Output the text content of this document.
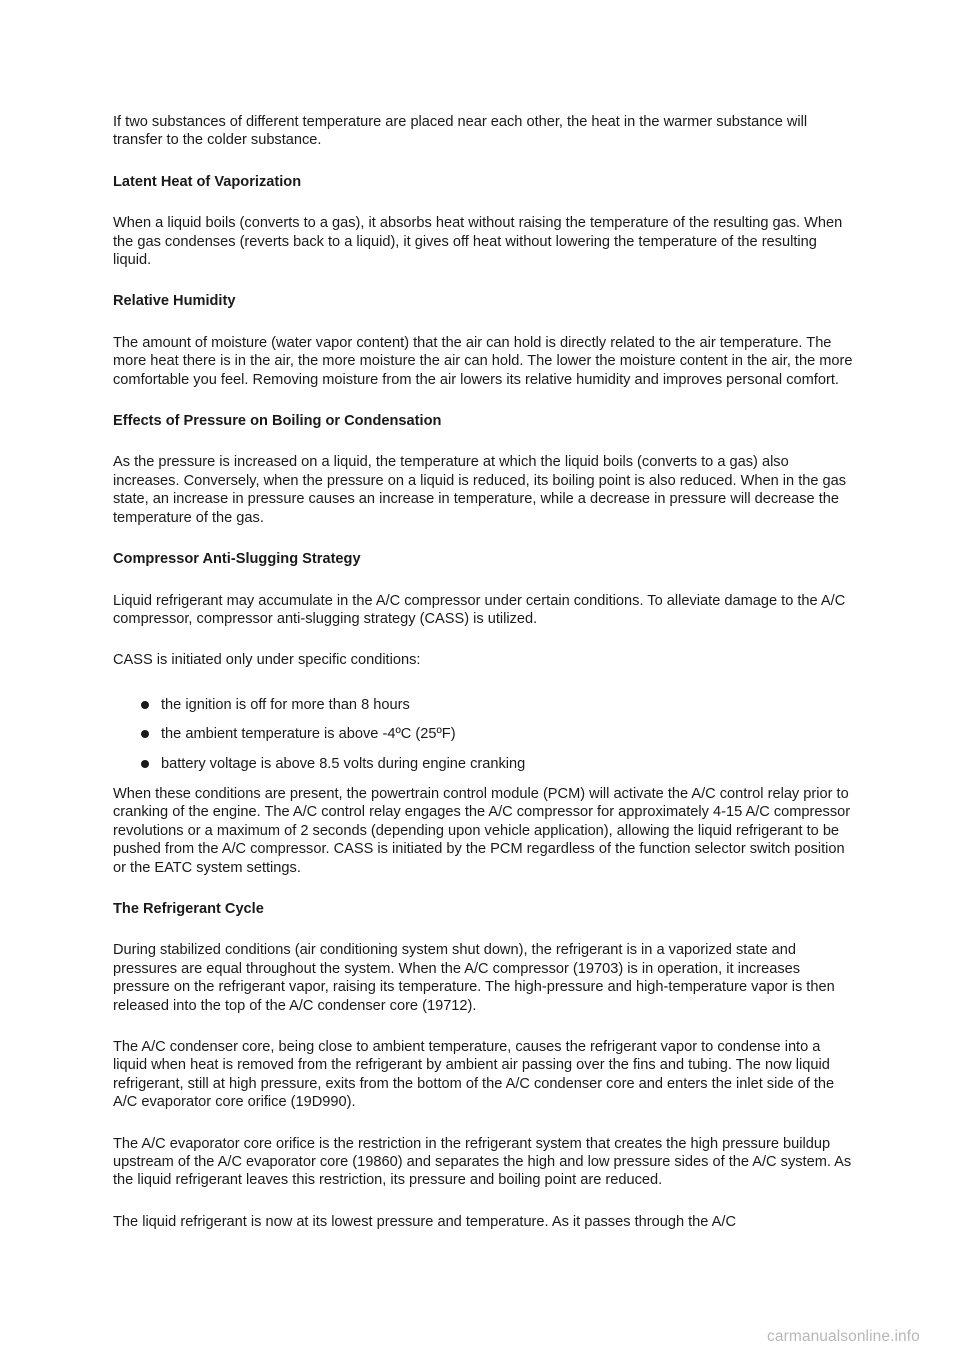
If two substances of different temperature are placed near each other, the heat in the warmer substance will transfer to the colder substance.

Latent Heat of Vaporization

When a liquid boils (converts to a gas), it absorbs heat without raising the temperature of the resulting gas. When the gas condenses (reverts back to a liquid), it gives off heat without lowering the temperature of the resulting liquid.

Relative Humidity

The amount of moisture (water vapor content) that the air can hold is directly related to the air temperature. The more heat there is in the air, the more moisture the air can hold. The lower the moisture content in the air, the more comfortable you feel. Removing moisture from the air lowers its relative humidity and improves personal comfort.

Effects of Pressure on Boiling or Condensation

As the pressure is increased on a liquid, the temperature at which the liquid boils (converts to a gas) also increases. Conversely, when the pressure on a liquid is reduced, its boiling point is also reduced. When in the gas state, an increase in pressure causes an increase in temperature, while a decrease in pressure will decrease the temperature of the gas.

Compressor Anti-Slugging Strategy

Liquid refrigerant may accumulate in the A/C compressor under certain conditions. To alleviate damage to the A/C compressor, compressor anti-slugging strategy (CASS) is utilized.

CASS is initiated only under specific conditions:

the ignition is off for more than 8 hours
the ambient temperature is above -4ºC (25ºF)
battery voltage is above 8.5 volts during engine cranking

When these conditions are present, the powertrain control module (PCM) will activate the A/C control relay prior to cranking of the engine. The A/C control relay engages the A/C compressor for approximately 4-15 A/C compressor revolutions or a maximum of 2 seconds (depending upon vehicle application), allowing the liquid refrigerant to be pushed from the A/C compressor. CASS is initiated by the PCM regardless of the function selector switch position or the EATC system settings.

The Refrigerant Cycle

During stabilized conditions (air conditioning system shut down), the refrigerant is in a vaporized state and pressures are equal throughout the system. When the A/C compressor (19703) is in operation, it increases pressure on the refrigerant vapor, raising its temperature. The high-pressure and high-temperature vapor is then released into the top of the A/C condenser core (19712).

The A/C condenser core, being close to ambient temperature, causes the refrigerant vapor to condense into a liquid when heat is removed from the refrigerant by ambient air passing over the fins and tubing. The now liquid refrigerant, still at high pressure, exits from the bottom of the A/C condenser core and enters the inlet side of the A/C evaporator core orifice (19D990).

The A/C evaporator core orifice is the restriction in the refrigerant system that creates the high pressure buildup upstream of the A/C evaporator core (19860) and separates the high and low pressure sides of the A/C system. As the liquid refrigerant leaves this restriction, its pressure and boiling point are reduced.

The liquid refrigerant is now at its lowest pressure and temperature. As it passes through the A/C

carmanualsonline.info
